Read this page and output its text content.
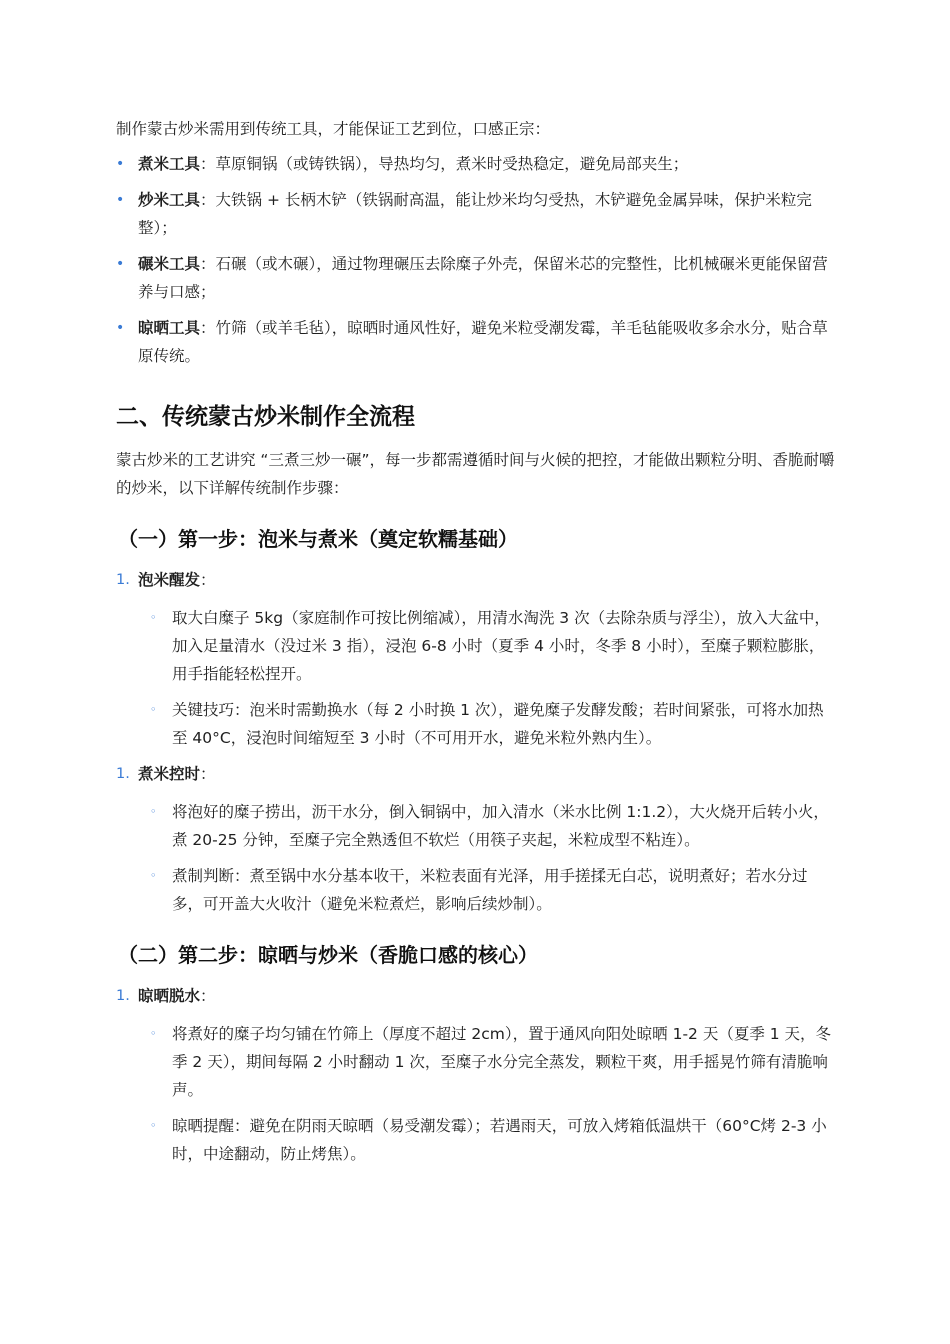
制作蒙古炒米需用到传统工具，才能保证工艺到位，口感正宗：

• 煮米工具：草原铜锅（或铸铁锅），导热均匀，煮米时受热稳定，避免局部夹生；
• 炒米工具：大铁锅 + 长柄木铲（铁锅耐高温，能让炒米均匀受热，木铲避免金属异味，保护米粒完整）；
• 碾米工具：石碾（或木碾），通过物理碾压去除糜子外壳，保留米芯的完整性，比机械碾米更能保留营养与口感；
• 晾晒工具：竹筛（或羊毛毡），晾晒时通风性好，避免米粒受潮发霉，羊毛毡能吸收多余水分，贴合草原传统。
二、传统蒙古炒米制作全流程

蒙古炒米的工艺讲究 “三煮三炒一碾”，每一步都需遵循时间与火候的把控，才能做出颗粒分明、香脆耐嚼的炒米，以下详解传统制作步骤：

（一）第一步：泡米与煮米（奠定软糯基础）
1. 泡米醒发：
◦ 取大白糜子 5kg（家庭制作可按比例缩减），用清水淘洗 3 次（去除杂质与浮尘），放入大盆中，加入足量清水（没过米 3 指），浸泡 6-8 小时（夏季 4 小时，冬季 8 小时），至糜子颗粒膨胀，用手指能轻松捏开。
◦ 关键技巧：泡米时需勤换水（每 2 小时换 1 次），避免糜子发酵发酸；若时间紧张，可将水加热至 40°C，浸泡时间缩短至 3 小时（不可用开水，避免米粒外熟内生）。
1. 煮米控时：
◦ 将泡好的糜子捞出，沥干水分，倒入铜锅中，加入清水（米水比例 1:1.2），大火烧开后转小火，煮 20-25 分钟，至糜子完全熟透但不软烂（用筷子夹起，米粒成型不粘连）。
◦ 煮制判断：煮至锅中水分基本收干，米粒表面有光泽，用手搓揉无白芯，说明煮好；若水分过多，可开盖大火收汁（避免米粒煮烂，影响后续炒制）。
（二）第二步：晾晒与炒米（香脆口感的核心）
1. 晾晒脱水：
◦ 将煮好的糜子均匀铺在竹筛上（厚度不超过 2cm），置于通风向阳处晾晒 1-2 天（夏季 1 天，冬季 2 天），期间每隔 2 小时翻动 1 次，至糜子水分完全蒸发，颗粒干爽，用手摇晃竹筛有清脆响声。
◦ 晾晒提醒：避免在阴雨天晾晒（易受潮发霉）；若遇雨天，可放入烤箱低温烘干（60°C烤 2-3 小时，中途翻动，防止烤焦）。
